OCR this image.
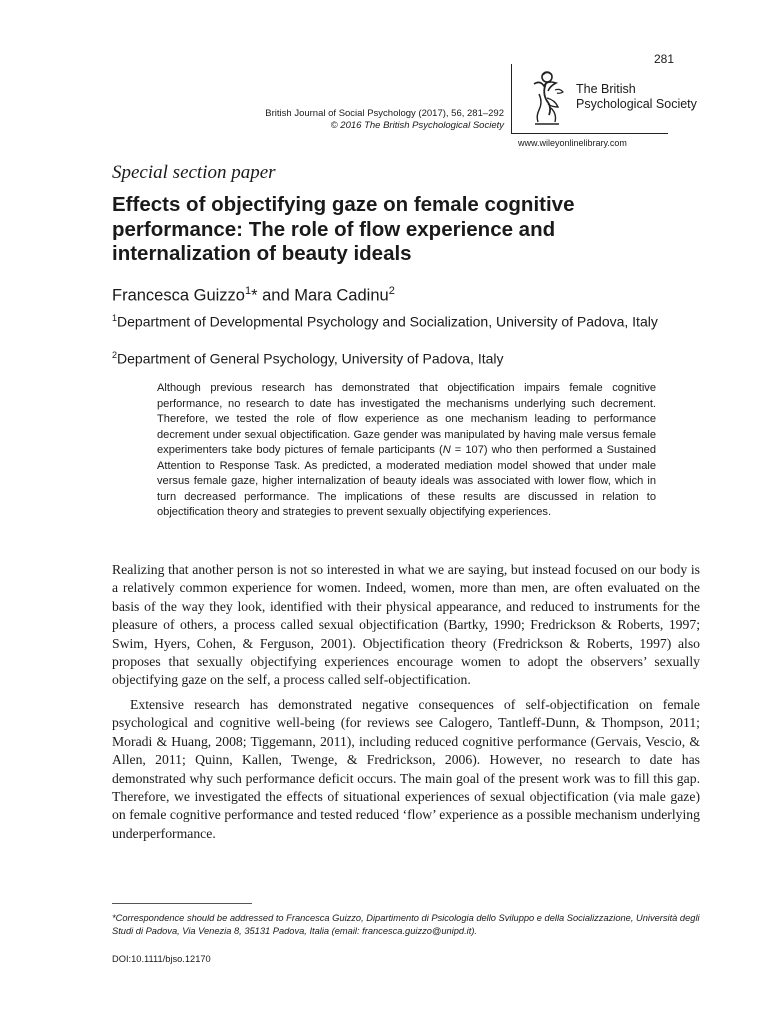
281
British Journal of Social Psychology (2017), 56, 281–292
© 2016 The British Psychological Society
The British
Psychological Society
www.wileyonlinelibrary.com
Special section paper
Effects of objectifying gaze on female cognitive performance: The role of flow experience and internalization of beauty ideals
Francesca Guizzo$^1$* and Mara Cadinu$^2$
$^1$Department of Developmental Psychology and Socialization, University of Padova, Italy
$^2$Department of General Psychology, University of Padova, Italy

Although previous research has demonstrated that objectification impairs female cognitive performance, no research to date has investigated the mechanisms underlying such decrement. Therefore, we tested the role of flow experience as one mechanism leading to performance decrement under sexual objectification. Gaze gender was manipulated by having male versus female experimenters take body pictures of female participants (N = 107) who then performed a Sustained Attention to Response Task. As predicted, a moderated mediation model showed that under male versus female gaze, higher internalization of beauty ideals was associated with lower flow, which in turn decreased performance. The implications of these results are discussed in relation to objectification theory and strategies to prevent sexually objectifying experiences.

Realizing that another person is not so interested in what we are saying, but instead focused on our body is a relatively common experience for women. Indeed, women, more than men, are often evaluated on the basis of the way they look, identified with their physical appearance, and reduced to instruments for the pleasure of others, a process called sexual objectification (Bartky, 1990; Fredrickson & Roberts, 1997; Swim, Hyers, Cohen, & Ferguson, 2001). Objectification theory (Fredrickson & Roberts, 1997) also proposes that sexually objectifying experiences encourage women to adopt the observers’ sexually objectifying gaze on the self, a process called self-objectification.

Extensive research has demonstrated negative consequences of self-objectification on female psychological and cognitive well-being (for reviews see Calogero, Tantleff-Dunn, & Thompson, 2011; Moradi & Huang, 2008; Tiggemann, 2011), including reduced cognitive performance (Gervais, Vescio, & Allen, 2011; Quinn, Kallen, Twenge, & Fredrickson, 2006). However, no research to date has demonstrated why such performance deficit occurs. The main goal of the present work was to fill this gap. Therefore, we investigated the effects of situational experiences of sexual objectification (via male gaze) on female cognitive performance and tested reduced ‘flow’ experience as a possible mechanism underlying underperformance.

*Correspondence should be addressed to Francesca Guizzo, Dipartimento di Psicologia dello Sviluppo e della Socializzazione, Università degli Studi di Padova, Via Venezia 8, 35131 Padova, Italia (email: francesca.guizzo@unipd.it).

DOI:10.1111/bjso.12170
